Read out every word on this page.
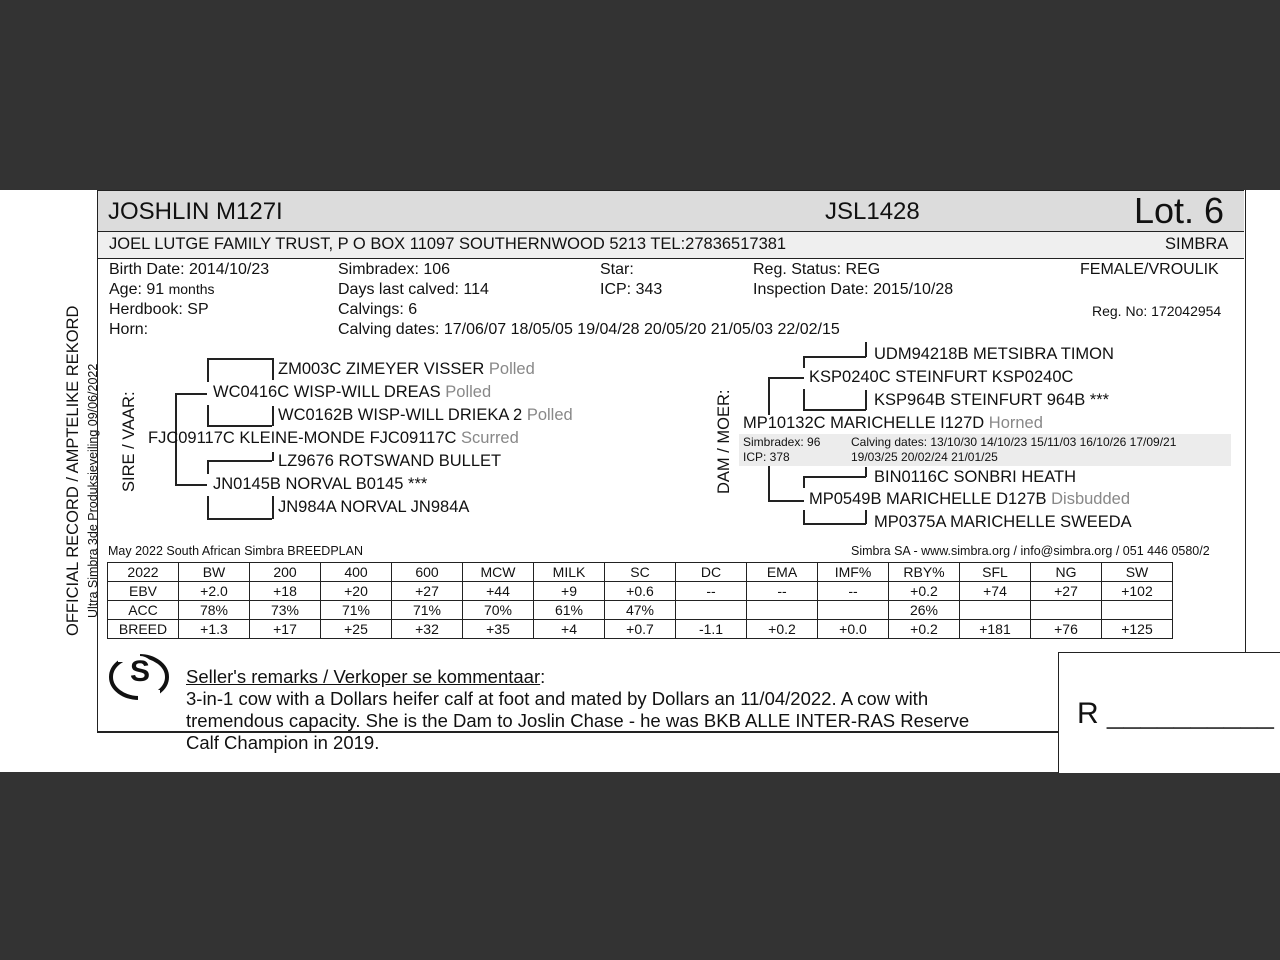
OFFICIAL RECORD / AMPTELIKE REKORD Ultra Simbra 3de Produksieveiling 09/06/2022
JOSHLIN M127I	JSL1428	Lot. 6
JOEL LUTGE FAMILY TRUST, P O BOX 11097 SOUTHERNWOOD 5213 TEL:27836517381	SIMBRA
Birth Date: 2014/10/23
Age: 91 months
Herdbook: SP
Horn:
Simbradex: 106
Days last calved: 114
Calvings: 6
Calving dates: 17/06/07 18/05/05 19/04/28 20/05/20 21/05/03 22/02/15
Star:
ICP: 343
Reg. Status: REG
Inspection Date: 2015/10/28
FEMALE/VROULIK
Reg. No: 172042954
SIRE / VAAR:
ZM003C ZIMEYER VISSER Polled
WC0416C WISP-WILL DREAS Polled
WC0162B WISP-WILL DRIEKA 2 Polled
FJC09117C KLEINE-MONDE FJC09117C Scurred
LZ9676 ROTSWAND BULLET
JN0145B NORVAL B0145 ***
JN984A NORVAL JN984A
DAM / MOER:
UDM94218B METSIBRA TIMON
KSP0240C STEINFURT KSP0240C
KSP964B STEINFURT 964B ***
MP10132C MARICHELLE I127D Horned
Simbradex: 96
ICP: 378
Calving dates: 13/10/30 14/10/23 15/11/03 16/10/26 17/09/21
19/03/25 20/02/24 21/01/25
BIN0116C SONBRI HEATH
MP0549B MARICHELLE D127B Disbudded
MP0375A MARICHELLE SWEEDA
May 2022 South African Simbra BREEDPLAN	Simbra SA - www.simbra.org / info@simbra.org / 051 446 0580/2
2022	BW	200	400	600	MCW	MILK	SC	DC	EMA	IMF%	RBY%	SFL	NG	SW
EBV	+2.0	+18	+20	+27	+44	+9	+0.6	--	--	--	+0.2	+74	+27	+102
ACC	78%	73%	71%	71%	70%	61%	47%				26%			
BREED	+1.3	+17	+25	+32	+35	+4	+0.7	-1.1	+0.2	+0.0	+0.2	+181	+76	+125
R __________
S Seller's remarks / Verkoper se kommentaar:
3-in-1 cow with a Dollars heifer calf at foot and mated by Dollars an 11/04/2022. A cow with
tremendous capacity. She is the Dam to Joslin Chase - he was BKB ALLE INTER-RAS Reserve
Calf Champion in 2019.
